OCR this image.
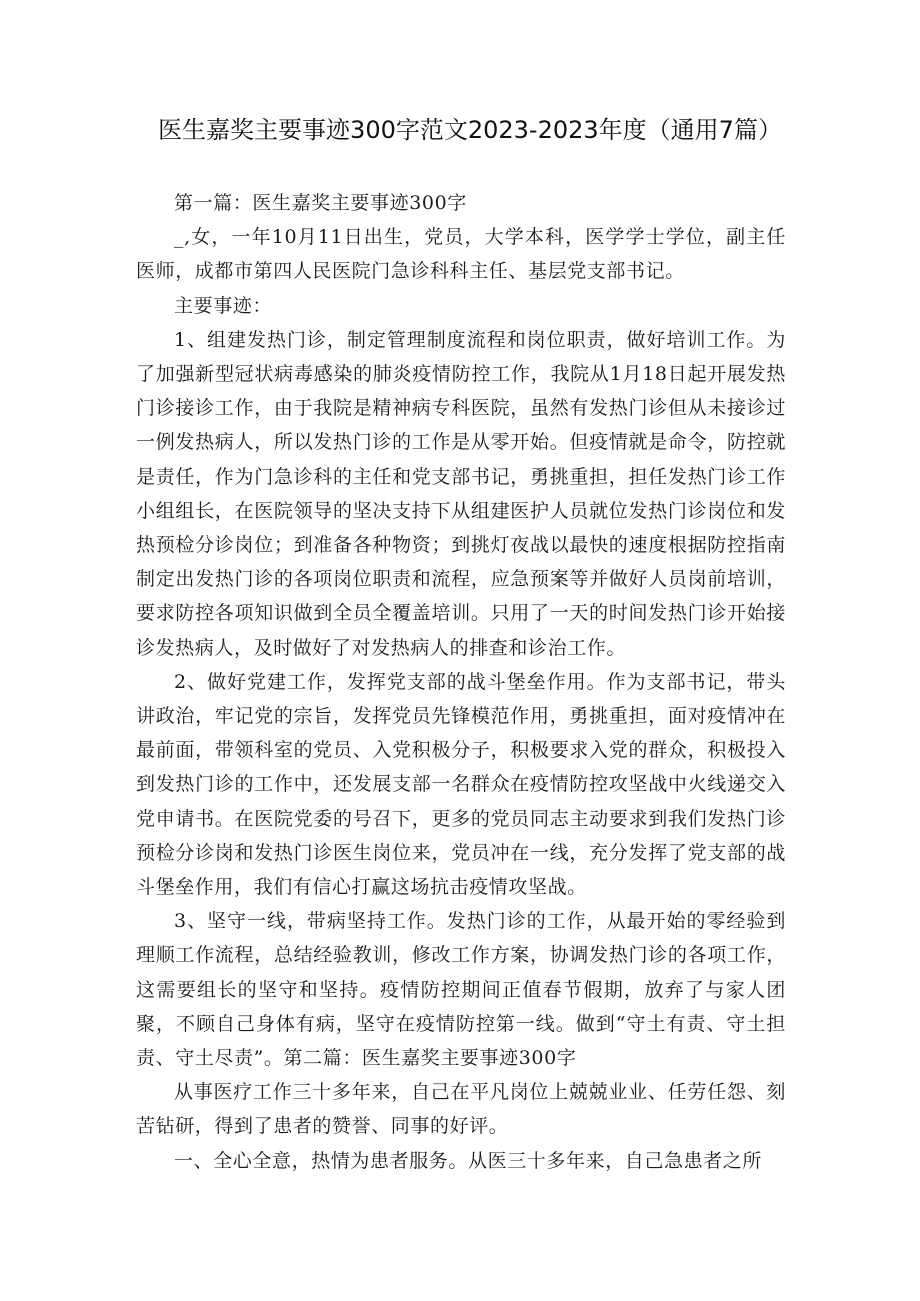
医生嘉奖主要事迹300字范文2023-2023年度（通用7篇）

第一篇：医生嘉奖主要事迹300字

_,女，一年10月11日出生，党员，大学本科，医学学士学位，副主任医师，成都市第四人民医院门急诊科科主任、基层党支部书记。

主要事迹：

1、组建发热门诊，制定管理制度流程和岗位职责，做好培训工作。为了加强新型冠状病毒感染的肺炎疫情防控工作，我院从1月18日起开展发热门诊接诊工作，由于我院是精神病专科医院，虽然有发热门诊但从未接诊过一例发热病人，所以发热门诊的工作是从零开始。但疫情就是命令，防控就是责任，作为门急诊科的主任和党支部书记，勇挑重担，担任发热门诊工作小组组长，在医院领导的坚决支持下从组建医护人员就位发热门诊岗位和发热预检分诊岗位；到准备各种物资；到挑灯夜战以最快的速度根据防控指南制定出发热门诊的各项岗位职责和流程，应急预案等并做好人员岗前培训，要求防控各项知识做到全员全覆盖培训。只用了一天的时间发热门诊开始接诊发热病人，及时做好了对发热病人的排查和诊治工作。

2、做好党建工作，发挥党支部的战斗堡垒作用。作为支部书记，带头讲政治，牢记党的宗旨，发挥党员先锋模范作用，勇挑重担，面对疫情冲在最前面，带领科室的党员、入党积极分子，积极要求入党的群众，积极投入到发热门诊的工作中，还发展支部一名群众在疫情防控攻坚战中火线递交入党申请书。在医院党委的号召下，更多的党员同志主动要求到我们发热门诊预检分诊岗和发热门诊医生岗位来，党员冲在一线，充分发挥了党支部的战斗堡垒作用，我们有信心打赢这场抗击疫情攻坚战。

3、坚守一线，带病坚持工作。发热门诊的工作，从最开始的零经验到理顺工作流程，总结经验教训，修改工作方案，协调发热门诊的各项工作，这需要组长的坚守和坚持。疫情防控期间正值春节假期，放弃了与家人团聚，不顾自己身体有病，坚守在疫情防控第一线。做到“守土有责、守土担责、守土尽责”。第二篇：医生嘉奖主要事迹300字

从事医疗工作三十多年来，自己在平凡岗位上兢兢业业、任劳任怨、刻苦钻研，得到了患者的赞誉、同事的好评。

一、全心全意，热情为患者服务。从医三十多年来，自己急患者之所
